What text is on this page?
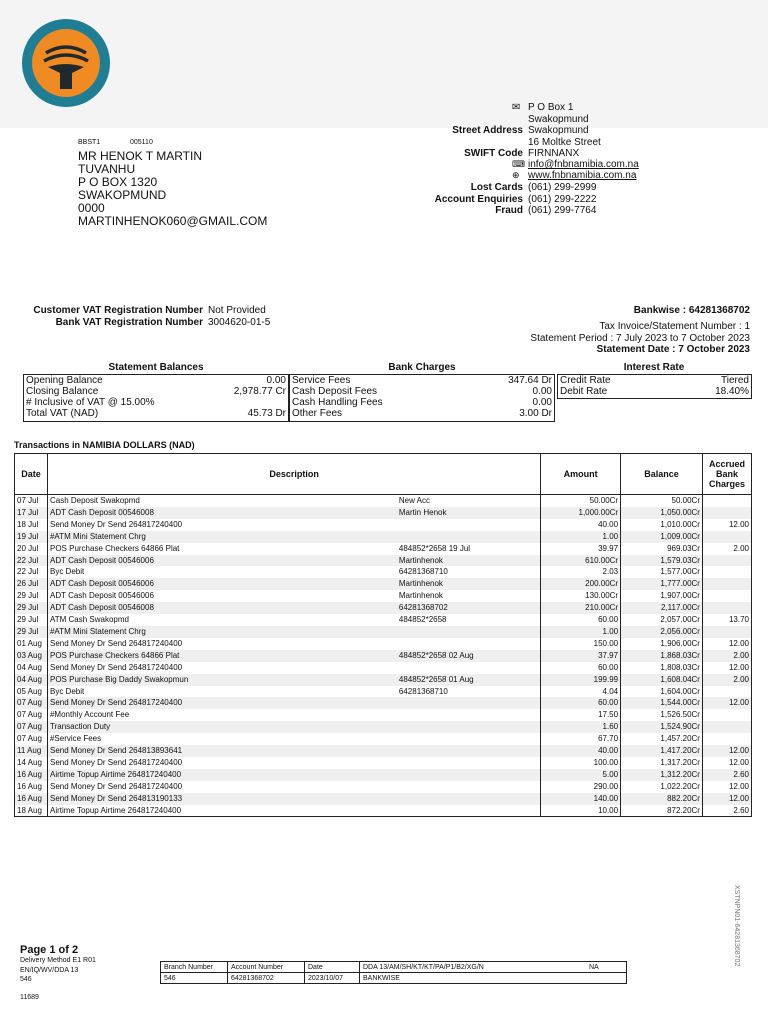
BBST1	005110
MR HENOK T MARTIN
TUVANHU
P O BOX 1320
SWAKOPMUND
0000
MARTINHENOK060@GMAIL.COM
✉ P O Box 1
Swakopmund
Street Address Swakopmund
16 Moltke Street
SWIFT Code FIRNNANX
⌨ info@fnbnamibia.com.na
⊕ www.fnbnamibia.com.na
Lost Cards (061) 299-2999
Account Enquiries (061) 299-2222
Fraud (061) 299-7764
Customer VAT Registration Number Not Provided
Bank VAT Registration Number 3004620-01-5
Bankwise : 64281368702
Tax Invoice/Statement Number : 1
Statement Period : 7 July 2023 to 7 October 2023
Statement Date : 7 October 2023
Statement Balances	Bank Charges	Interest Rate
Opening Balance	0.00
Closing Balance	2,978.77 Cr
# Inclusive of VAT @ 15.00%
Total VAT (NAD)	45.73 Dr
Service Fees	347.64 Dr
Cash Deposit Fees	0.00
Cash Handling Fees	0.00
Other Fees	3.00 Dr
Credit Rate	Tiered
Debit Rate	18.40%
Transactions in NAMIBIA DOLLARS (NAD)
Date	Description		Amount	Balance	Accrued Bank Charges
07 Jul	Cash Deposit Swakopmd	New Acc	50.00Cr	50.00Cr	
17 Jul	ADT Cash Deposit 00546008	Martin Henok	1,000.00Cr	1,050.00Cr	
18 Jul	Send Money Dr Send 264817240400		40.00	1,010.00Cr	12.00
19 Jul	#ATM Mini Statement Chrg		1.00	1,009.00Cr	
20 Jul	POS Purchase Checkers 64866 Plat	484852*2658 19 Jul	39.97	969.03Cr	2.00
22 Jul	ADT Cash Deposit 00546006	Martinhenok	610.00Cr	1,579.03Cr	
22 Jul	Byc Debit	64281368710	2.03	1,577.00Cr	
26 Jul	ADT Cash Deposit 00546006	Martinhenok	200.00Cr	1,777.00Cr	
29 Jul	ADT Cash Deposit 00546006	Martinhenok	130.00Cr	1,907.00Cr	
29 Jul	ADT Cash Deposit 00546008	64281368702	210.00Cr	2,117.00Cr	
29 Jul	ATM Cash Swakopmd	484852*2658	60.00	2,057.00Cr	13.70
29 Jul	#ATM Mini Statement Chrg		1.00	2,056.00Cr	
01 Aug	Send Money Dr Send 264817240400		150.00	1,906.00Cr	12.00
03 Aug	POS Purchase Checkers 64866 Plat	484852*2658 02 Aug	37.97	1,868.03Cr	2.00
04 Aug	Send Money Dr Send 264817240400		60.00	1,808.03Cr	12.00
04 Aug	POS Purchase Big Daddy Swakopmun	484852*2658 01 Aug	199.99	1,608.04Cr	2.00
05 Aug	Byc Debit	64281368710	4.04	1,604.00Cr	
07 Aug	Send Money Dr Send 264817240400		60.00	1,544.00Cr	12.00
07 Aug	#Monthly Account Fee		17.50	1,526.50Cr	
07 Aug	Transaction Duty		1.60	1,524.90Cr	
07 Aug	#Service Fees		67.70	1,457.20Cr	
11 Aug	Send Money Dr Send 264813893641		40.00	1,417.20Cr	12.00
14 Aug	Send Money Dr Send 264817240400		100.00	1,317.20Cr	12.00
16 Aug	Airtime Topup Airtime 264817240400		5.00	1,312.20Cr	2.60
16 Aug	Send Money Dr Send 264817240400		290.00	1,022.20Cr	12.00
16 Aug	Send Money Dr Send 264813190133		140.00	882.20Cr	12.00
18 Aug	Airtime Topup Airtime 264817240400		10.00	872.20Cr	2.60
XSTNPN01-64281368702
Page 1 of 2
Delivery Method E1 R01
EN/IQ/WV/DDA 13
546
11689
Branch Number	Account Number	Date	DDA 13/AM/SH/KT/KT/PA/P1/B2/XG/N	NA
546	64281368702	2023/10/07	BANKWISE	
